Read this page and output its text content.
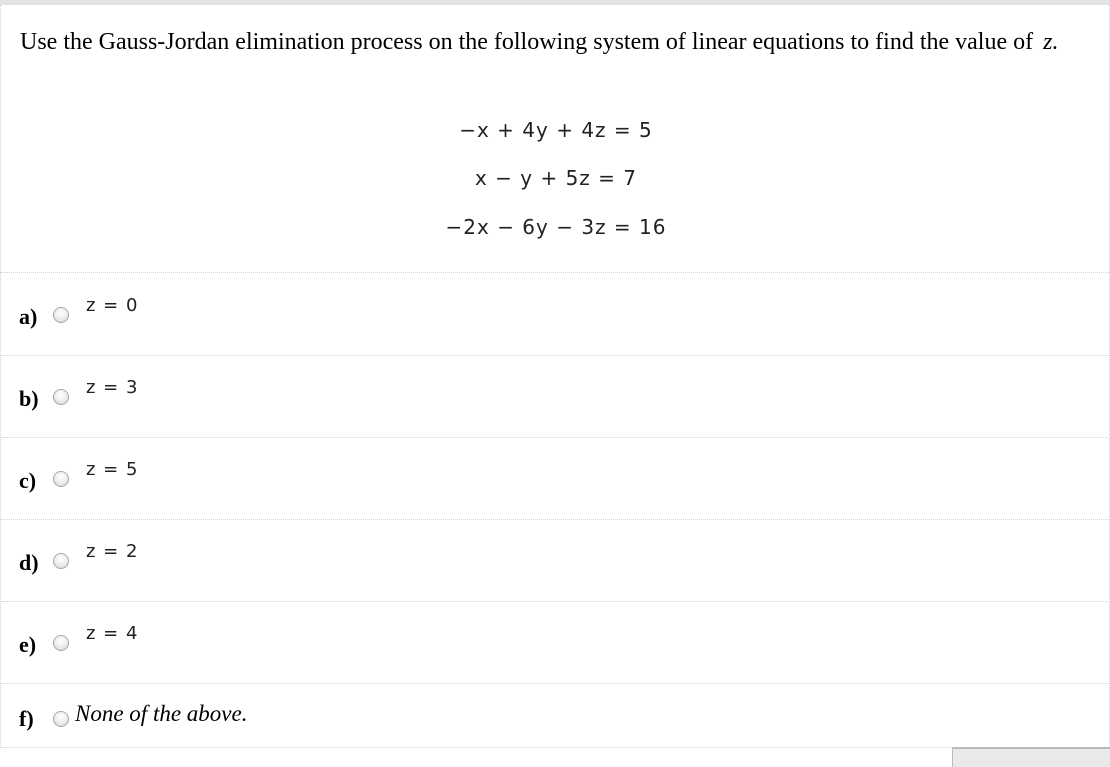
Use the Gauss-Jordan elimination process on the following system of linear equations to find the value of z.

−x + 4y + 4z = 5
x − y + 5z = 7
−2x − 6y − 3z = 16
a)	z = 0
b)	z = 3
c)	z = 5
d)	z = 2
e)	z = 4
f) None of the above.
